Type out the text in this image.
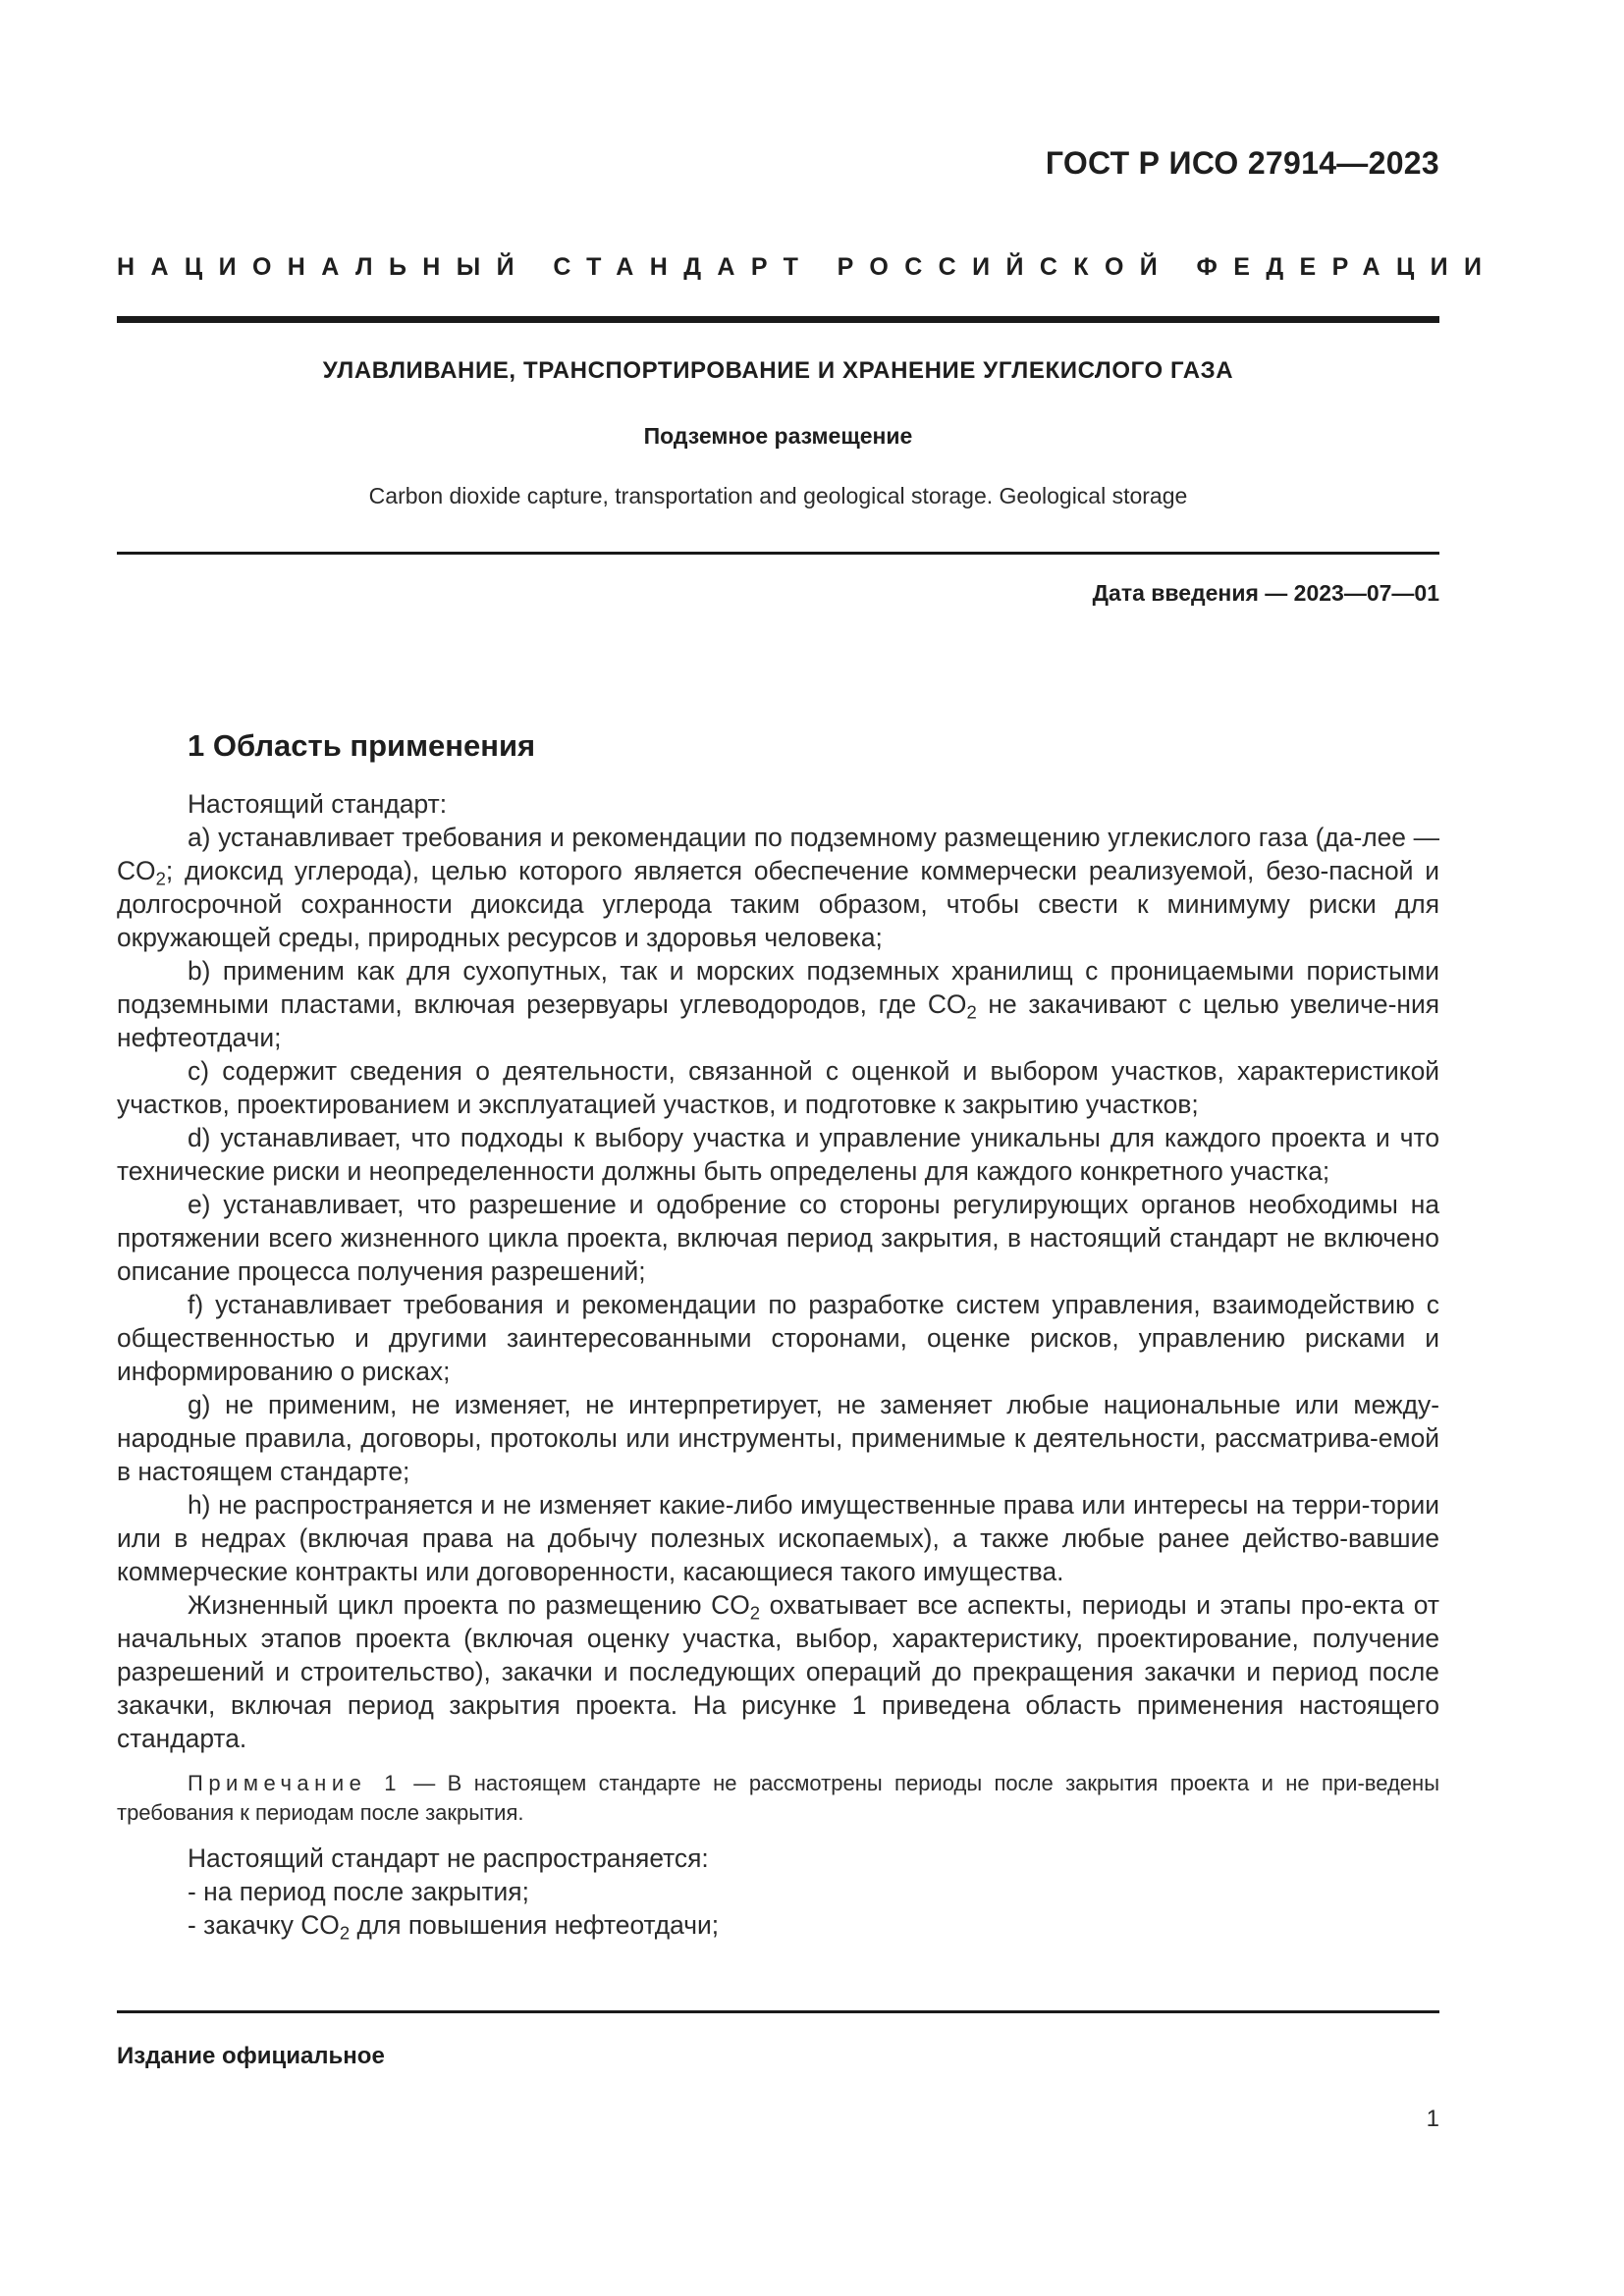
ГОСТ Р ИСО 27914—2023
НАЦИОНАЛЬНЫЙ СТАНДАРТ РОССИЙСКОЙ ФЕДЕРАЦИИ
УЛАВЛИВАНИЕ, ТРАНСПОРТИРОВАНИЕ И ХРАНЕНИЕ УГЛЕКИСЛОГО ГАЗА
Подземное размещение
Carbon dioxide capture, transportation and geological storage. Geological storage
Дата введения — 2023—07—01
1 Область применения

Настоящий стандарт:

a) устанавливает требования и рекомендации по подземному размещению углекислого газа (да-лее — $CO_2$; диоксид углерода), целью которого является обеспечение коммерчески реализуемой, безо-пасной и долгосрочной сохранности диоксида углерода таким образом, чтобы свести к минимуму риски для окружающей среды, природных ресурсов и здоровья человека;

b) применим как для сухопутных, так и морских подземных хранилищ с проницаемыми пористыми подземными пластами, включая резервуары углеводородов, где $CO_2$ не закачивают с целью увеличе-ния нефтеотдачи;

c) содержит сведения о деятельности, связанной с оценкой и выбором участков, характеристикой участков, проектированием и эксплуатацией участков, и подготовке к закрытию участков;

d) устанавливает, что подходы к выбору участка и управление уникальны для каждого проекта и что технические риски и неопределенности должны быть определены для каждого конкретного участка;

e) устанавливает, что разрешение и одобрение со стороны регулирующих органов необходимы на протяжении всего жизненного цикла проекта, включая период закрытия, в настоящий стандарт не включено описание процесса получения разрешений;

f) устанавливает требования и рекомендации по разработке систем управления, взаимодействию с общественностью и другими заинтересованными сторонами, оценке рисков, управлению рисками и информированию о рисках;

g) не применим, не изменяет, не интерпретирует, не заменяет любые национальные или между-народные правила, договоры, протоколы или инструменты, применимые к деятельности, рассматрива-емой в настоящем стандарте;

h) не распространяется и не изменяет какие-либо имущественные права или интересы на терри-тории или в недрах (включая права на добычу полезных ископаемых), а также любые ранее действо-вавшие коммерческие контракты или договоренности, касающиеся такого имущества.

Жизненный цикл проекта по размещению $CO_2$ охватывает все аспекты, периоды и этапы про-екта от начальных этапов проекта (включая оценку участка, выбор, характеристику, проектирование, получение разрешений и строительство), закачки и последующих операций до прекращения закачки и период после закачки, включая период закрытия проекта. На рисунке 1 приведена область применения настоящего стандарта.

Примечание 1 — В настоящем стандарте не рассмотрены периоды после закрытия проекта и не при-ведены требования к периодам после закрытия.

Настоящий стандарт не распространяется:

- на период после закрытия;

- закачку $CO_2$ для повышения нефтеотдачи;

Издание официальное
1
